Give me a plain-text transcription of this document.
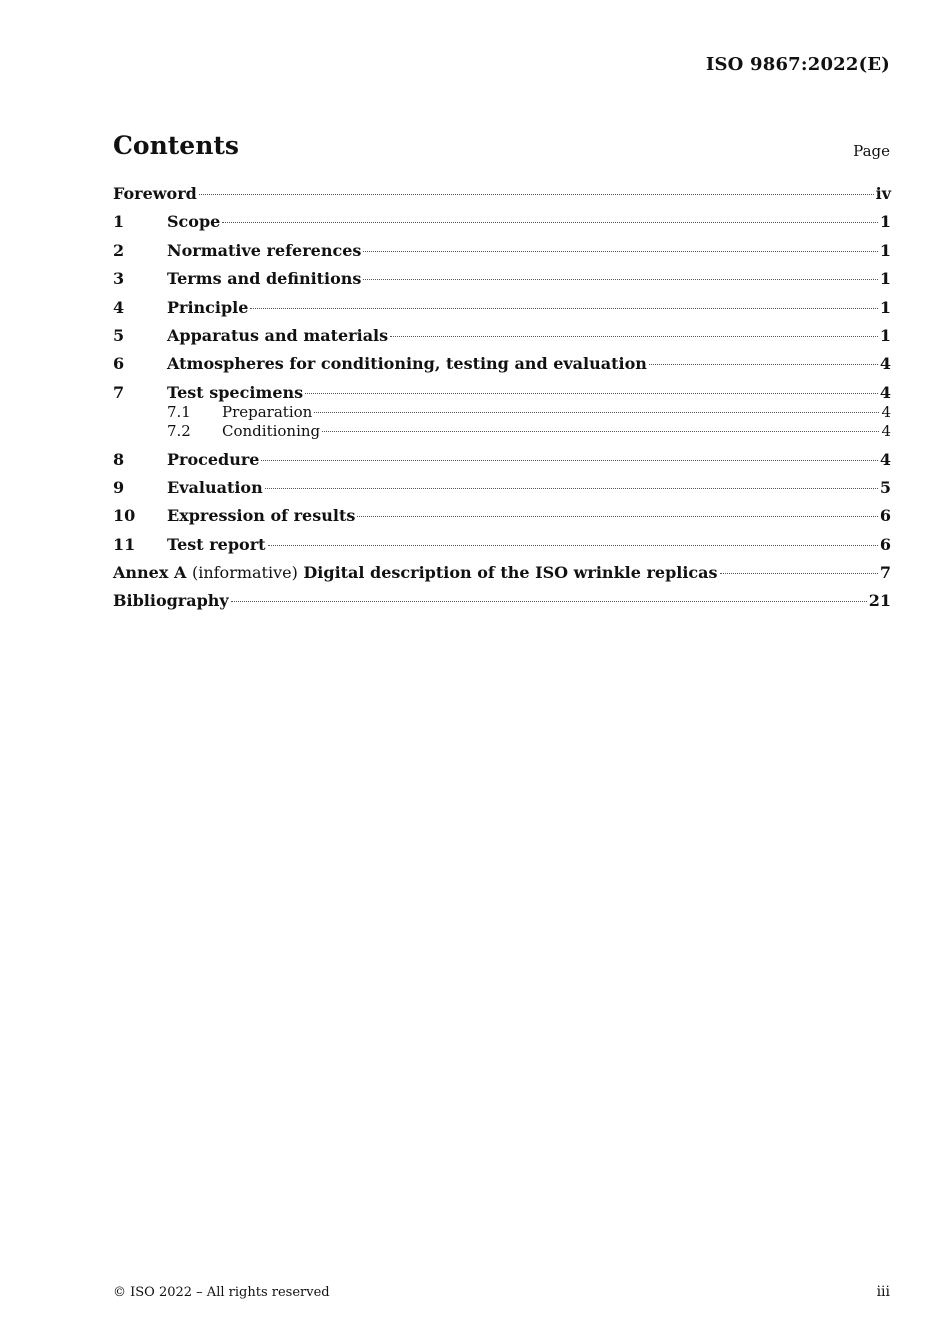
ISO 9867:2022(E)
Contents	Page
Foreword	iv
1	Scope	1
2	Normative references	1
3	Terms and definitions	1
4	Principle	1
5	Apparatus and materials	1
6	Atmospheres for conditioning, testing and evaluation	4
7	Test specimens	4
7.1	Preparation	4
7.2	Conditioning	4
8	Procedure	4
9	Evaluation	5
10	Expression of results	6
11	Test report	6
Annex A (informative) Digital description of the ISO wrinkle replicas	7
Bibliography	21
© ISO 2022 – All rights reserved	iii
